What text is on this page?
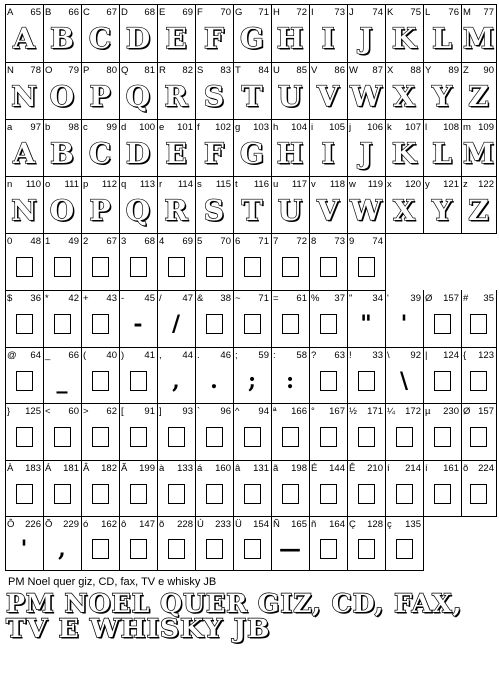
A 65
A
B 66
B
C 67
C
D 68
D
E 69
E
F 70
F
G 71
G
H 72
H
I 73
I
J 74
J
K 75
K
L 76
L
M 77
M
N 78
N
O 79
O
P 80
P
Q 81
Q
R 82
R
S 83
S
T 84
T
U 85
U
V 86
V
W 87
W
X 88
X
Y 89
Y
Z 90
Z
a 97
A
b 98
B
c 99
C
d 100
D
e 101
E
f 102
F
g 103
G
h 104
H
i 105
I
j 106
J
k 107
K
l 108
L
m 109
M
n 110
N
o 111
O
p 112
P
q 113
Q
r 114
R
s 115
S
t 116
T
u 117
U
v 118
V
w 119
W
x 120
X
y 121
Y
z 122
Z
0 48 1 49 2 67 3 68 4 69 5 70 6 71 7 72 8 73 9 74
$ 36 * 42 + 43 - 45
-
/ 47
/
& 38 ~ 71 = 61 % 37 " 34
"
' 39
'
Ø 157 # 35
@ 64 _ 66
_
( 40 ) 41 , 44
,
. 46
.
; 59
;
: 58
:
? 63 ! 33 \ 92
\
| 124 { 123
} 125 < 60 > 62 [ 91 ] 93 ` 96 ^ 94 ª 166 ° 167 ½ 171 ¼ 172 µ 230 Ø 157
À 183 Á 181 Â 182 Ã 199 à 133 á 160 â 131 ã 198 É 144 Ê 210 í 214 í 161 õ 224
Ô 226
'
Õ 229
,
ó 162 ô 147 õ 228 Ú 233 Ü 154 Ñ 165
—
ñ 164 Ç 128 ç 135
PM Noel quer giz, CD, fax, TV e whisky JB
PM NOEL QUER GIZ, CD, FAX,
TV E WHISKY JB
